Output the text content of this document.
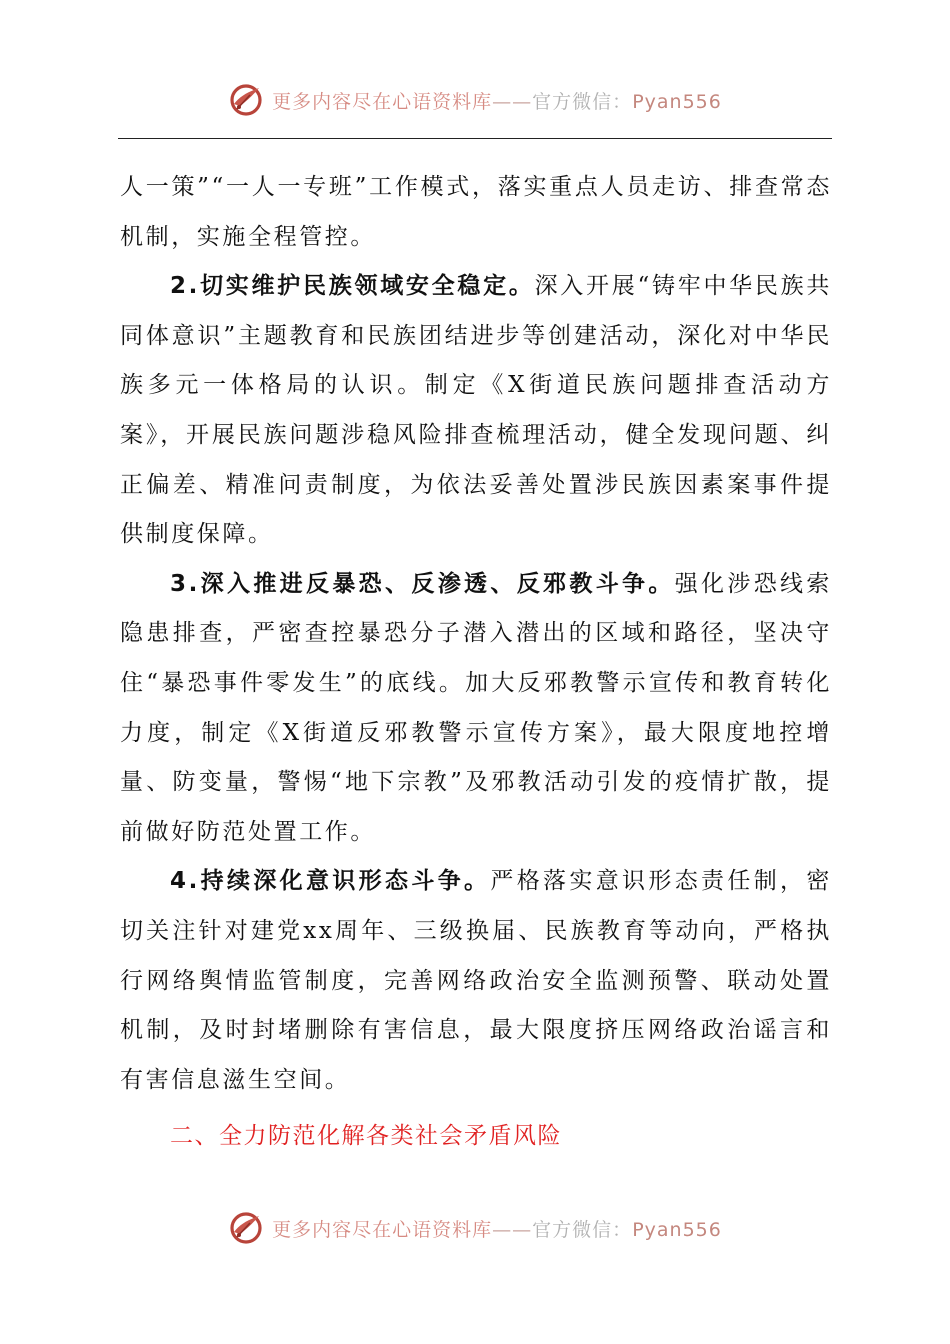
更多内容尽在心语资料库——官方微信：Pyan556

人一策”“一人一专班”工作模式，落实重点人员走访、排查常态机制，实施全程管控。

2.切实维护民族领域安全稳定。深入开展“铸牢中华民族共同体意识”主题教育和民族团结进步等创建活动，深化对中华民族多元一体格局的认识。制定《X街道民族问题排查活动方案》，开展民族问题涉稳风险排查梳理活动，健全发现问题、纠正偏差、精准问责制度，为依法妥善处置涉民族因素案事件提供制度保障。

3.深入推进反暴恐、反渗透、反邪教斗争。强化涉恐线索隐患排查，严密查控暴恐分子潜入潜出的区域和路径，坚决守住“暴恐事件零发生”的底线。加大反邪教警示宣传和教育转化力度，制定《X街道反邪教警示宣传方案》，最大限度地控增量、防变量，警惕“地下宗教”及邪教活动引发的疫情扩散，提前做好防范处置工作。

4.持续深化意识形态斗争。严格落实意识形态责任制，密切关注针对建党xx周年、三级换届、民族教育等动向，严格执行网络舆情监管制度，完善网络政治安全监测预警、联动处置机制，及时封堵删除有害信息，最大限度挤压网络政治谣言和有害信息滋生空间。

二、全力防范化解各类社会矛盾风险
更多内容尽在心语资料库——官方微信：Pyan556
